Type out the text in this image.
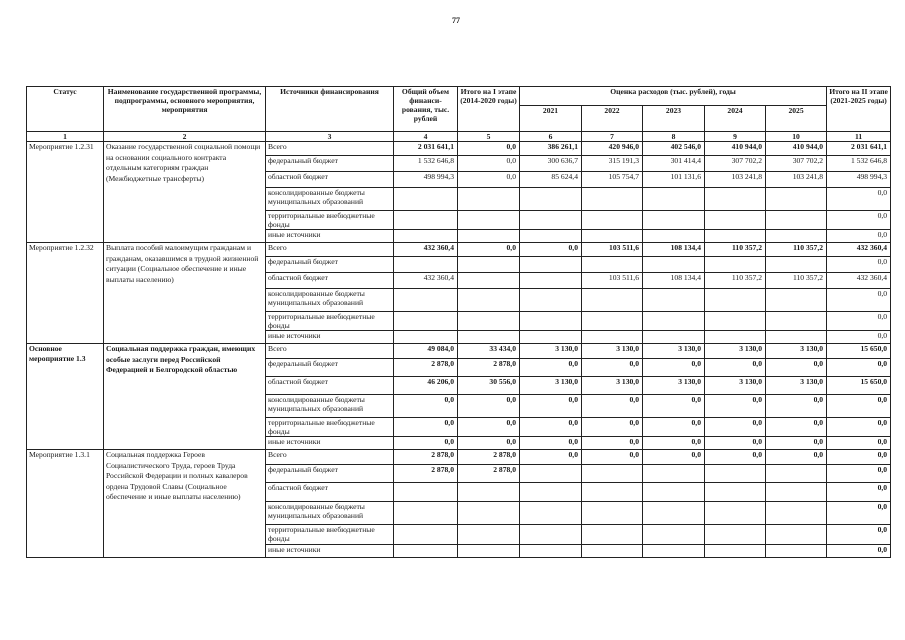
77
Статус	Наименование государственной программы, подпрограммы, основного мероприятия, мероприятия	Источники финансирования	Общий объем финанси-рования, тыс. рублей	Итого на I этапе (2014-2020 годы)	Оценка расходов (тыс. рублей), годы					Итого на II этапе (2021-2025 годы)
					2021	2022	2023	2024	2025	
1	2	3	4	5	6	7	8	9	10	11
Мероприятие 1.2.31	Оказание государственной социальной помощи на основании социального контракта отдельным категориям граждан (Межбюджетные трансферты)	Всего	2 031 641,1	0,0	386 261,1	420 946,0	402 546,0	410 944,0	410 944,0	2 031 641,1
		федеральный бюджет	1 532 646,8	0,0	300 636,7	315 191,3	301 414,4	307 702,2	307 702,2	1 532 646,8
		областной бюджет	498 994,3	0,0	85 624,4	105 754,7	101 131,6	103 241,8	103 241,8	498 994,3
		консолидированные бюджеты муниципальных образований								0,0
		территориальные внебюджетные фонды								0,0
		иные источники								0,0
Мероприятие 1.2.32	Выплата пособий малоимущим гражданам и гражданам, оказавшимся в трудной жизненной ситуации (Социальное обеспечение и иные выплаты населению)	Всего	432 360,4	0,0	0,0	103 511,6	108 134,4	110 357,2	110 357,2	432 360,4
		федеральный бюджет								0,0
		областной бюджет	432 360,4			103 511,6	108 134,4	110 357,2	110 357,2	432 360,4
		консолидированные бюджеты муниципальных образований								0,0
		территориальные внебюджетные фонды								0,0
		иные источники								0,0
Основное мероприятие 1.3	Социальная поддержка граждан, имеющих особые заслуги перед Российской Федерацией и Белгородской областью	Всего	49 084,0	33 434,0	3 130,0	3 130,0	3 130,0	3 130,0	3 130,0	15 650,0
		федеральный бюджет	2 878,0	2 878,0	0,0	0,0	0,0	0,0	0,0	0,0
		областной бюджет	46 206,0	30 556,0	3 130,0	3 130,0	3 130,0	3 130,0	3 130,0	15 650,0
		консолидированные бюджеты муниципальных образований	0,0	0,0	0,0	0,0	0,0	0,0	0,0	0,0
		территориальные внебюджетные фонды	0,0	0,0	0,0	0,0	0,0	0,0	0,0	0,0
		иные источники	0,0	0,0	0,0	0,0	0,0	0,0	0,0	0,0
Мероприятие 1.3.1	Социальная поддержка Героев Социалистического Труда, героев Труда Российской Федерации и полных кавалеров ордена Трудовой Славы (Социальное обеспечение и иные выплаты населению)	Всего	2 878,0	2 878,0	0,0	0,0	0,0	0,0	0,0	0,0
		федеральный бюджет	2 878,0	2 878,0						0,0
		областной бюджет								0,0
		консолидированные бюджеты муниципальных образований								0,0
		территориальные внебюджетные фонды								0,0
		иные источники								0,0
